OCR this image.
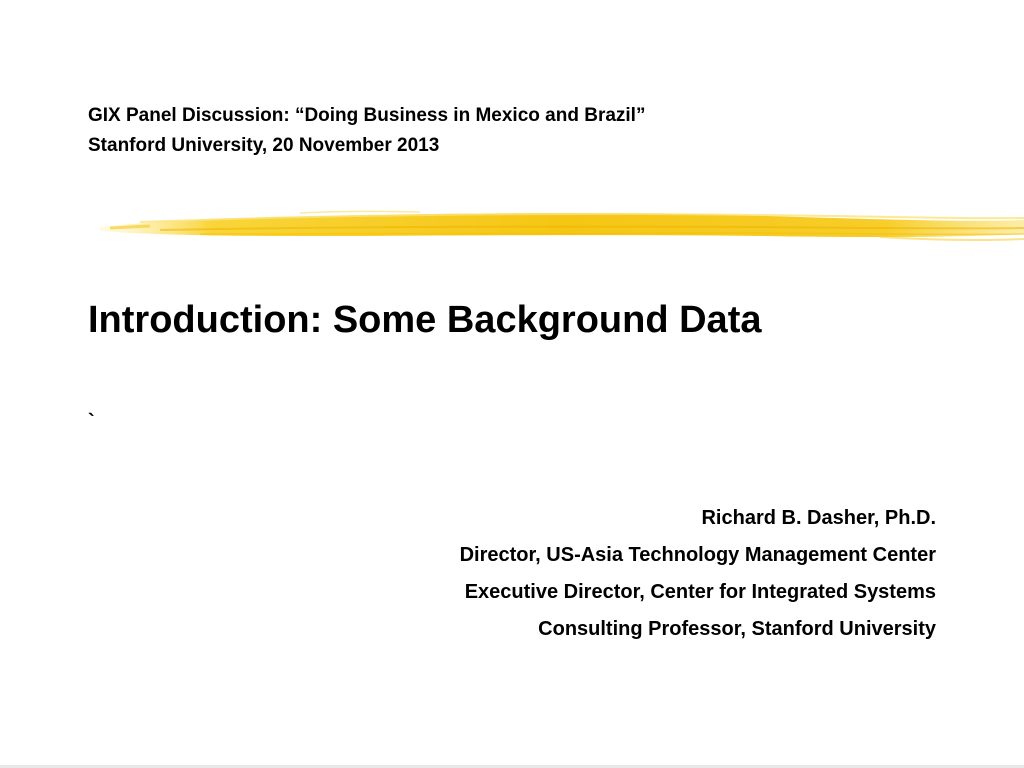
GIX Panel Discussion: “Doing Business in Mexico and Brazil”
Stanford University, 20 November 2013
Introduction: Some Background Data
`
Richard B. Dasher, Ph.D.
Director, US-Asia Technology Management Center
Executive Director, Center for Integrated Systems
Consulting Professor, Stanford University
